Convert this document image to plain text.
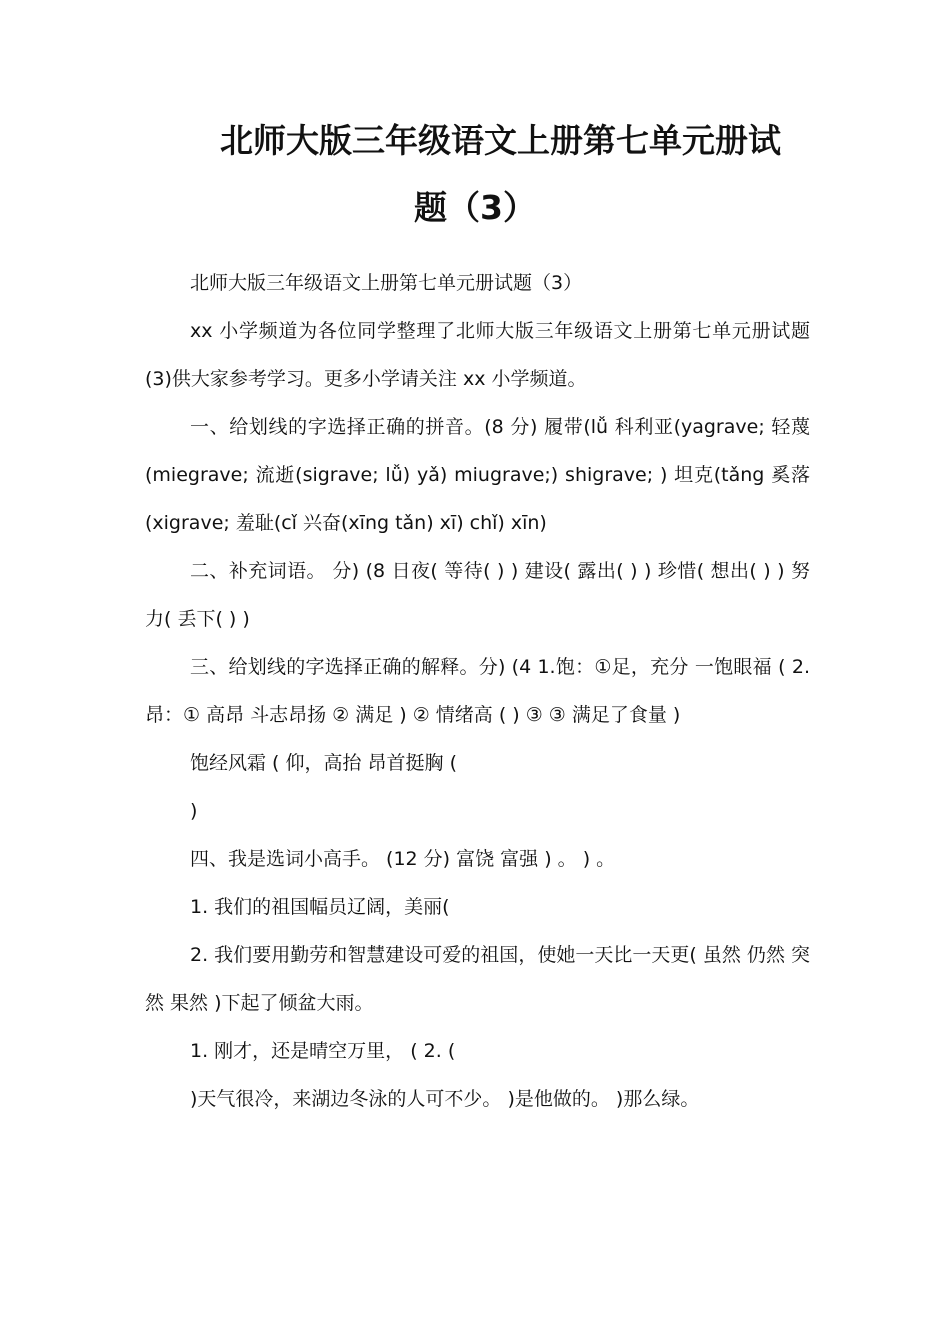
北师大版三年级语文上册第七单元册试
题（3）

北师大版三年级语文上册第七单元册试题（3）

xx 小学频道为各位同学整理了北师大版三年级语文上册第七单元册试题(3)供大家参考学习。更多小学请关注 xx 小学频道。

一、给划线的字选择正确的拼音。(8 分) 履带(lǚ 科利亚(yagrave; 轻蔑(miegrave; 流逝(sigrave; lǚ) yǎ) miugrave;) shigrave; ) 坦克(tǎng 奚落(xigrave; 羞耻(cǐ 兴奋(xīng tǎn) xī) chǐ) xīn)

二、补充词语。 分) (8 日夜( 等待( ) ) 建设( 露出( ) ) 珍惜( 想出( ) ) 努力( 丢下( ) )

三、给划线的字选择正确的解释。分) (4 1.饱：①足，充分 一饱眼福 ( 2.昂：① 高昂 斗志昂扬 ② 满足 ) ② 情绪高 ( ) ③ ③ 满足了食量 )

饱经风霜 ( 仰，高抬 昂首挺胸 (

)

四、我是选词小高手。 (12 分) 富饶 富强 ) 。 ) 。

1. 我们的祖国幅员辽阔，美丽(

2. 我们要用勤劳和智慧建设可爱的祖国，使她一天比一天更( 虽然 仍然 突然 果然 )下起了倾盆大雨。

1. 刚才，还是晴空万里， ( 2. (

)天气很冷，来湖边冬泳的人可不少。 )是他做的。 )那么绿。
